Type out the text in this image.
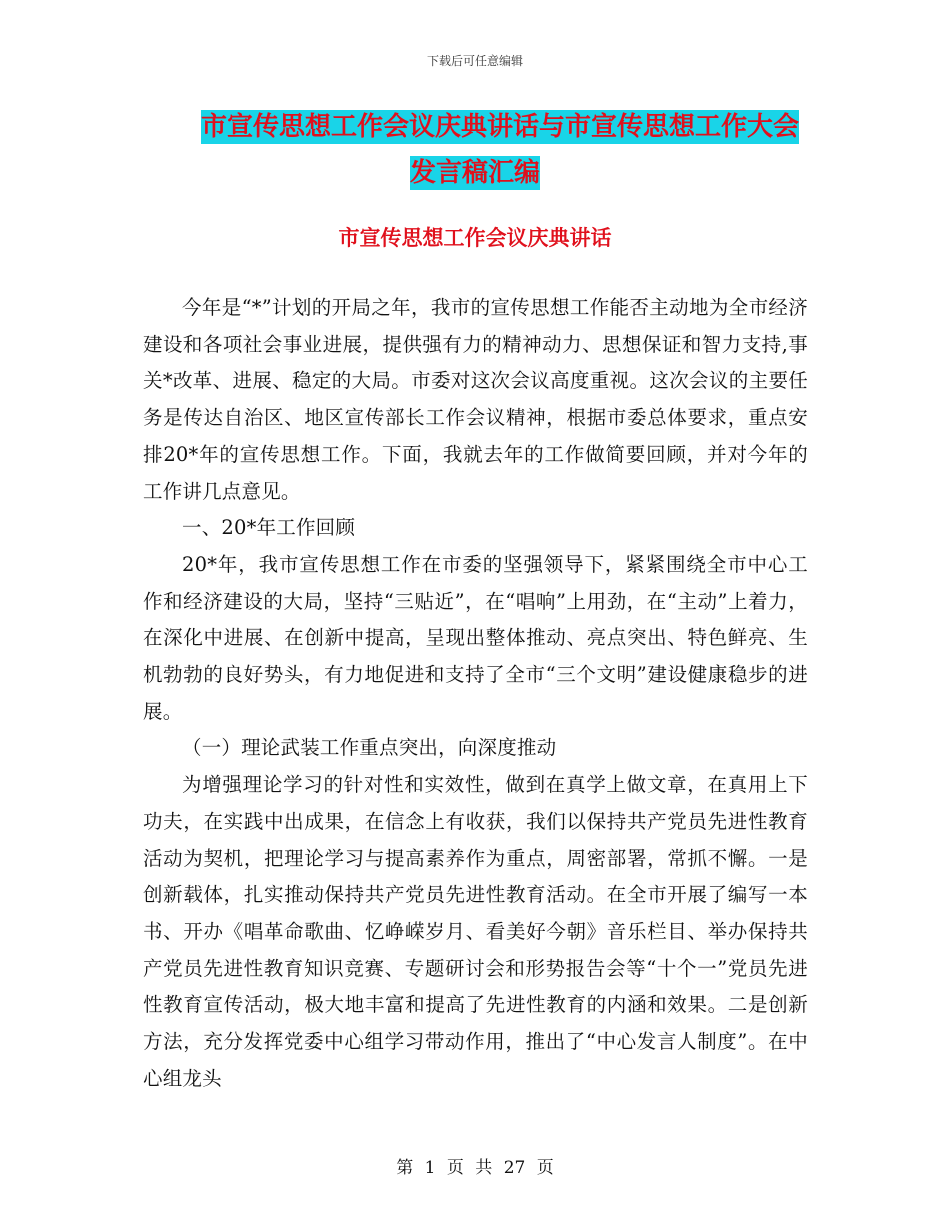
下载后可任意编辑
市宣传思想工作会议庆典讲话与市宣传思想工作大会
发言稿汇编
市宣传思想工作会议庆典讲话

今年是“*”计划的开局之年，我市的宣传思想工作能否主动地为全市经济建设和各项社会事业进展，提供强有力的精神动力、思想保证和智力支持,事关*改革、进展、稳定的大局。市委对这次会议高度重视。这次会议的主要任务是传达自治区、地区宣传部长工作会议精神，根据市委总体要求，重点安排20*年的宣传思想工作。下面，我就去年的工作做简要回顾，并对今年的工作讲几点意见。

一、20*年工作回顾

20*年，我市宣传思想工作在市委的坚强领导下，紧紧围绕全市中心工作和经济建设的大局，坚持“三贴近”，在“唱响”上用劲，在“主动”上着力，在深化中进展、在创新中提高，呈现出整体推动、亮点突出、特色鲜亮、生机勃勃的良好势头，有力地促进和支持了全市“三个文明”建设健康稳步的进展。

（一）理论武装工作重点突出，向深度推动

为增强理论学习的针对性和实效性，做到在真学上做文章，在真用上下功夫，在实践中出成果，在信念上有收获，我们以保持共产党员先进性教育活动为契机，把理论学习与提高素养作为重点，周密部署，常抓不懈。一是创新载体，扎实推动保持共产党员先进性教育活动。在全市开展了编写一本书、开办《唱革命歌曲、忆峥嵘岁月、看美好今朝》音乐栏目、举办保持共产党员先进性教育知识竞赛、专题研讨会和形势报告会等“十个一”党员先进性教育宣传活动，极大地丰富和提高了先进性教育的内涵和效果。二是创新方法，充分发挥党委中心组学习带动作用，推出了“中心发言人制度”。在中心组龙头

第 1 页 共 27 页
